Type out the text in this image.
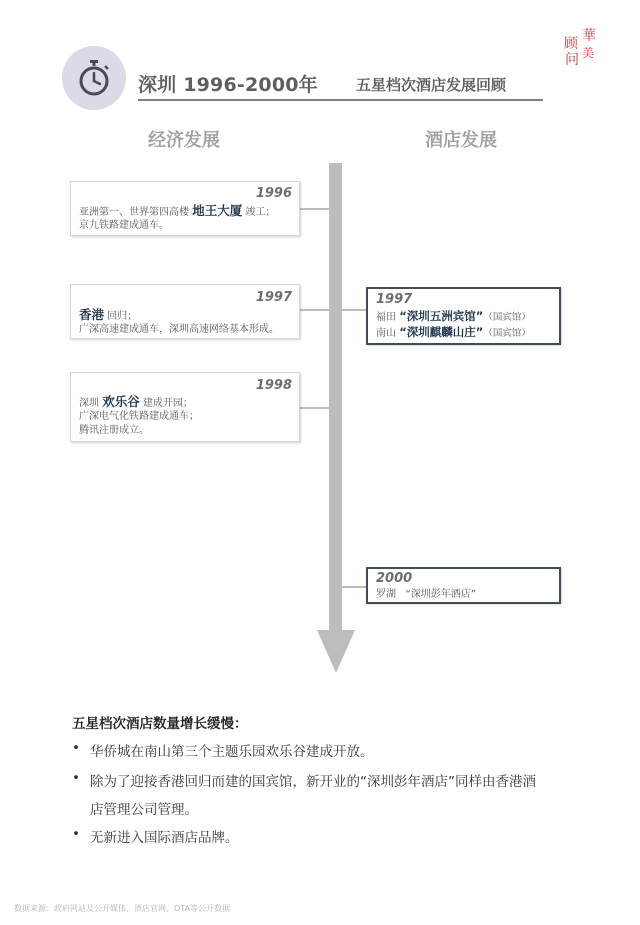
深圳 1996-2000年	五星档次酒店发展回顾
華
顾
美
问
经济发展	酒店发展
1996
亚洲第一、世界第四高楼 地王大厦 竣工；
京九铁路建成通车。
1997
香港 回归；
广深高速建成通车，深圳高速网络基本形成。
1998
深圳 欢乐谷 建成开园；
广深电气化铁路建成通车；
腾讯注册成立。
1997
福田 “深圳五洲宾馆”（国宾馆）
南山 “深圳麒麟山庄”（国宾馆）
2000
罗湖   “深圳彭年酒店”
五星档次酒店数量增长缓慢：
• 华侨城在南山第三个主题乐园欢乐谷建成开放。
• 除为了迎接香港回归而建的国宾馆，新开业的“深圳彭年酒店”同样由香港酒
店管理公司管理。
• 无新进入国际酒店品牌。
数据来源：政府网站及公开媒体、酒店官网、OTA等公开数据
